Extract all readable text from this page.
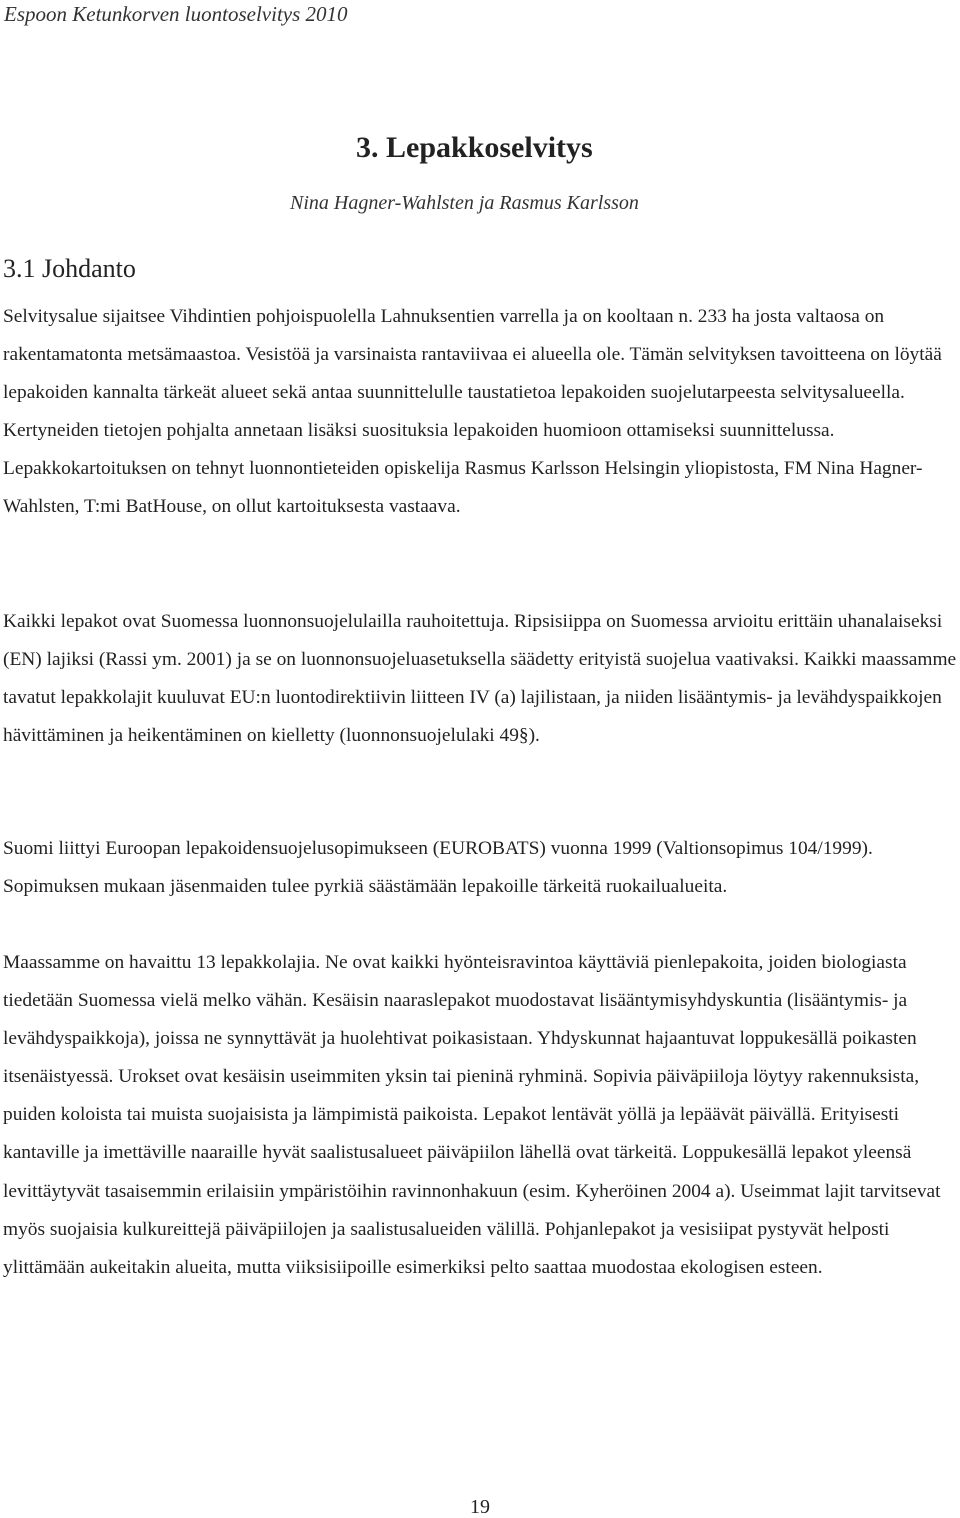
Espoon Ketunkorven luontoselvitys 2010
3. Lepakkoselvitys
Nina Hagner-Wahlsten ja Rasmus Karlsson
3.1 Johdanto

Selvitysalue sijaitsee Vihdintien pohjoispuolella Lahnuksentien varrella ja on kooltaan n. 233 ha josta valtaosa on rakentamatonta metsämaastoa. Vesistöä ja varsinaista rantaviivaa ei alueella ole. Tämän selvityksen tavoitteena on löytää lepakoiden kannalta tärkeät alueet sekä antaa suunnittelulle taustatietoa lepakoiden suojelutarpeesta selvitysalueella. Kertyneiden tietojen pohjalta annetaan lisäksi suosituksia lepakoiden huomioon ottamiseksi suunnittelussa. Lepakkokartoituksen on tehnyt luonnontieteiden opiskelija Rasmus Karlsson Helsingin yliopistosta, FM Nina Hagner-Wahlsten, T:mi BatHouse, on ollut kartoituksesta vastaava.

Kaikki lepakot ovat Suomessa luonnonsuojelulailla rauhoitettuja. Ripsisiippa on Suomessa arvioitu erittäin uhanalaiseksi (EN) lajiksi (Rassi ym. 2001) ja se on luonnonsuojeluasetuksella säädetty erityistä suojelua vaativaksi. Kaikki maassamme tavatut lepakkolajit kuuluvat EU:n luontodirektiivin liitteen IV (a) lajilistaan, ja niiden lisääntymis- ja levähdyspaikkojen hävittäminen ja heikentäminen on kielletty (luonnonsuojelulaki 49§).

Suomi liittyi Euroopan lepakoidensuojelusopimukseen (EUROBATS) vuonna 1999 (Valtionsopimus 104/1999). Sopimuksen mukaan jäsenmaiden tulee pyrkiä säästämään lepakoille tärkeitä ruokailualueita.

Maassamme on havaittu 13 lepakkolajia. Ne ovat kaikki hyönteisravintoa käyttäviä pienlepakoita, joiden biologiasta tiedetään Suomessa vielä melko vähän. Kesäisin naaraslepakot muodostavat lisääntymisyhdyskuntia (lisääntymis- ja levähdyspaikkoja), joissa ne synnyttävät ja huolehtivat poikasistaan. Yhdyskunnat hajaantuvat loppukesällä poikasten itsenäistyessä. Urokset ovat kesäisin useimmiten yksin tai pieninä ryhminä. Sopivia päiväpiiloja löytyy rakennuksista, puiden koloista tai muista suojaisista ja lämpimistä paikoista. Lepakot lentävät yöllä ja lepäävät päivällä. Erityisesti kantaville ja imettäville naaraille hyvät saalistusalueet päiväpiilon lähellä ovat tärkeitä. Loppukesällä lepakot yleensä levittäytyvät tasaisemmin erilaisiin ympäristöihin ravinnonhakuun (esim. Kyheröinen 2004 a). Useimmat lajit tarvitsevat myös suojaisia kulkureittejä päiväpiilojen ja saalistusalueiden välillä. Pohjanlepakot ja vesisiipat pystyvät helposti ylittämään aukeitakin alueita, mutta viiksisiipoille esimerkiksi pelto saattaa muodostaa ekologisen esteen.

19
